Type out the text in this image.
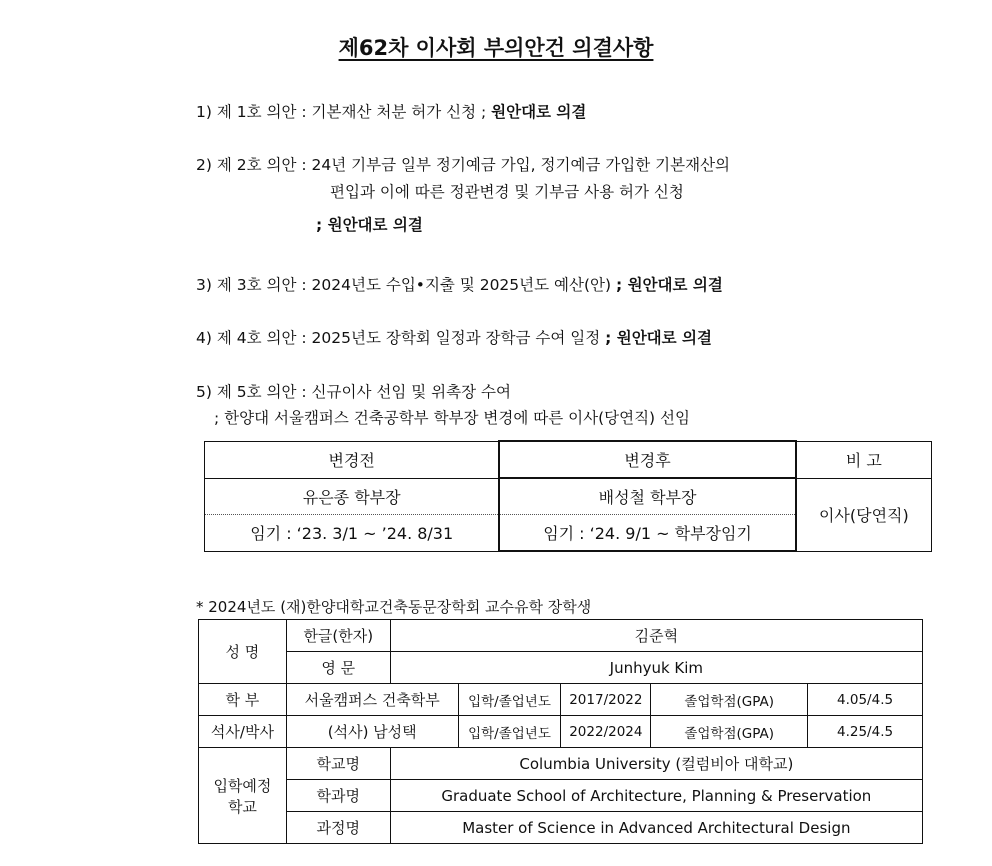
제62차 이사회 부의안건 의결사항
1) 제 1호 의안 : 기본재산 처분 허가 신청 ; 원안대로 의결
2) 제 2호 의안 : 24년 기부금 일부 정기예금 가입, 정기예금 가입한 기본재산의
편입과 이에 따른 정관변경 및 기부금 사용 허가 신청
; 원안대로 의결
3) 제 3호 의안 : 2024년도 수입•지출 및 2025년도 예산(안) ; 원안대로 의결
4) 제 4호 의안 : 2025년도 장학회 일정과 장학금 수여 일정 ; 원안대로 의결
5) 제 5호 의안 : 신규이사 선임 및 위촉장 수여
; 한양대 서울캠퍼스 건축공학부 학부장 변경에 따른 이사(당연직) 선임
변경전	변경후	비 고
유은종 학부장	배성철 학부장	이사(당연직)
임기 : ‘23. 3/1 ~ ’24. 8/31	임기 : ‘24. 9/1 ~ 학부장임기	
* 2024년도 (재)한양대학교건축동문장학회 교수유학 장학생
성 명	한글(한자)	김준혁				
	영 문	Junhyuk Kim				
학 부	서울캠퍼스 건축학부		입학/졸업년도	2017/2022	졸업학점(GPA)	4.05/4.5
석사/박사	(석사) 남성택		입학/졸업년도	2022/2024	졸업학점(GPA)	4.25/4.5

입학예정
학교	학교명	Columbia University (컬럼비아 대학교)				
	학과명	Graduate School of Architecture, Planning & Preservation				
	과정명	Master of Science in Advanced Architectural Design				
